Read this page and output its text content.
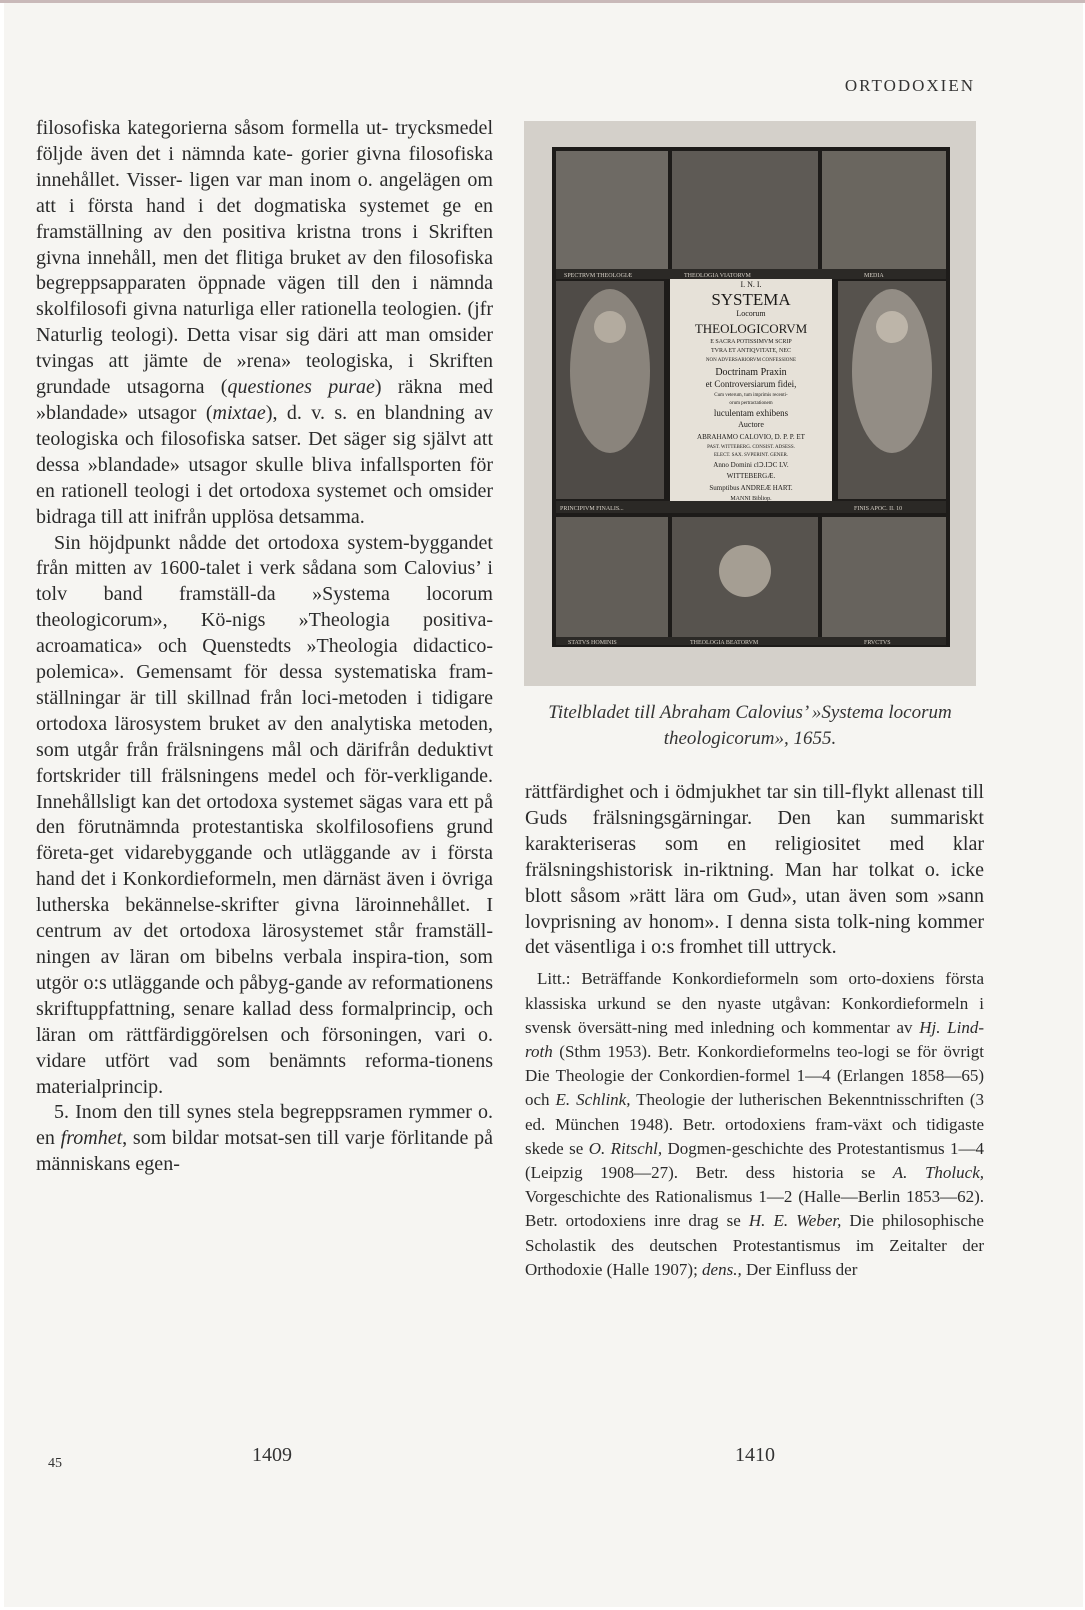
ORTODOXIEN

filosofiska kategorierna såsom formella ut- trycksmedel följde även det i nämnda kate- gorier givna filosofiska innehållet. Visser- ligen var man inom o. angelägen om att i första hand i det dogmatiska systemet ge en framställning av den positiva kristna trons i Skriften givna innehåll, men det flitiga bruket av den filosofiska begreppsapparaten öppnade vägen till den i nämnda skolfilosofi givna naturliga eller rationella teologien. (jfr Naturlig teologi). Detta visar sig däri att man omsider tvingas att jämte de »rena» teologiska, i Skriften grundade utsagorna (questiones purae) räkna med »blandade» utsagor (mixtae), d. v. s. en blandning av teologiska och filosofiska satser. Det säger sig självt att dessa »blandade» utsagor skulle bliva infallsporten för en rationell teologi i det ortodoxa systemet och omsider bidraga till att inifrån upplösa detsamma.

Sin höjdpunkt nådde det ortodoxa system-byggandet från mitten av 1600-talet i verk sådana som Calovius’ i tolv band framställ-da »Systema locorum theologicorum», Kö-nigs »Theologia positiva-acroamatica» och Quenstedts »Theologia didactico-polemica». Gemensamt för dessa systematiska fram-ställningar är till skillnad från loci-metoden i tidigare ortodoxa lärosystem bruket av den analytiska metoden, som utgår från frälsningens mål och därifrån deduktivt fortskrider till frälsningens medel och för-verkligande. Innehållsligt kan det ortodoxa systemet sägas vara ett på den förutnämnda protestantiska skolfilosofiens grund företa-get vidarebyggande och utläggande av i första hand det i Konkordieformeln, men därnäst även i övriga lutherska bekännelse-skrifter givna läroinnehållet. I centrum av det ortodoxa lärosystemet står framställ-ningen av läran om bibelns verbala inspira-tion, som utgör o:s utläggande och påbyg-gande av reformationens skriftuppfattning, senare kallad dess formalprincip, och läran om rättfärdiggörelsen och försoningen, vari o. vidare utfört vad som benämnts reforma-tionens materialprincip.

5. Inom den till synes stela begreppsramen rymmer o. en fromhet, som bildar motsat-sen till varje förlitande på människans egen-

SPECTRVM THEOLOGIÆ	THEOLOGIA VIATORVM	MEDIA
PRINCIPIVM FINALIS...	FINIS APOC. II. 10
STATVS HOMINIS	THEOLOGIA BEATORVM	FRVCTVS
I. N. I.
SYSTEMA
Locorum
THEOLOGICORVM
E SACRA POTISSIMVM SCRIP
TVRA ET ANTIQVITATE, NEC
NON ADVERSARIORVM CONFESSIONE
Doctrinam Praxin
et Controversiarum fidei,
Cum veterum, tum imprimis recenti-
orum pertractationem
luculentam exhibens
Auctore
ABRAHAMO CALOVIO, D. P. P. ET
PAST. WITTEBERG. CONSIST. ADSESS.
ELECT. SAX. SVPERINT. GENER.
Anno Domini clↃ.IↃC LV.
WITTEBERGÆ.
Sumptibus ANDREÆ HART.
MANNI Bibliop.
Titelbladet till Abraham Calovius’ »Systema locorum theologicorum», 1655.

rättfärdighet och i ödmjukhet tar sin till-flykt allenast till Guds frälsningsgärningar. Den kan summariskt karakteriseras som en religiositet med klar frälsningshistorisk in-riktning. Man har tolkat o. icke blott såsom »rätt lära om Gud», utan även som »sann lovprisning av honom». I denna sista tolk-ning kommer det väsentliga i o:s fromhet till uttryck.

Litt.: Beträffande Konkordieformeln som orto-doxiens första klassiska urkund se den nyaste utgåvan: Konkordieformeln i svensk översätt-ning med inledning och kommentar av Hj. Lind-roth (Sthm 1953). Betr. Konkordieformelns teo-logi se för övrigt Die Theologie der Conkordien-formel 1—4 (Erlangen 1858—65) och E. Schlink, Theologie der lutherischen Bekenntnisschriften (3 ed. München 1948). Betr. ortodoxiens fram-växt och tidigaste skede se O. Ritschl, Dogmen-geschichte des Protestantismus 1—4 (Leipzig 1908—27). Betr. dess historia se A. Tholuck, Vorgeschichte des Rationalismus 1—2 (Halle—Berlin 1853—62). Betr. ortodoxiens inre drag se H. E. Weber, Die philosophische Scholastik des deutschen Protestantismus im Zeitalter der Orthodoxie (Halle 1907); dens., Der Einfluss der

45	1409	1410
